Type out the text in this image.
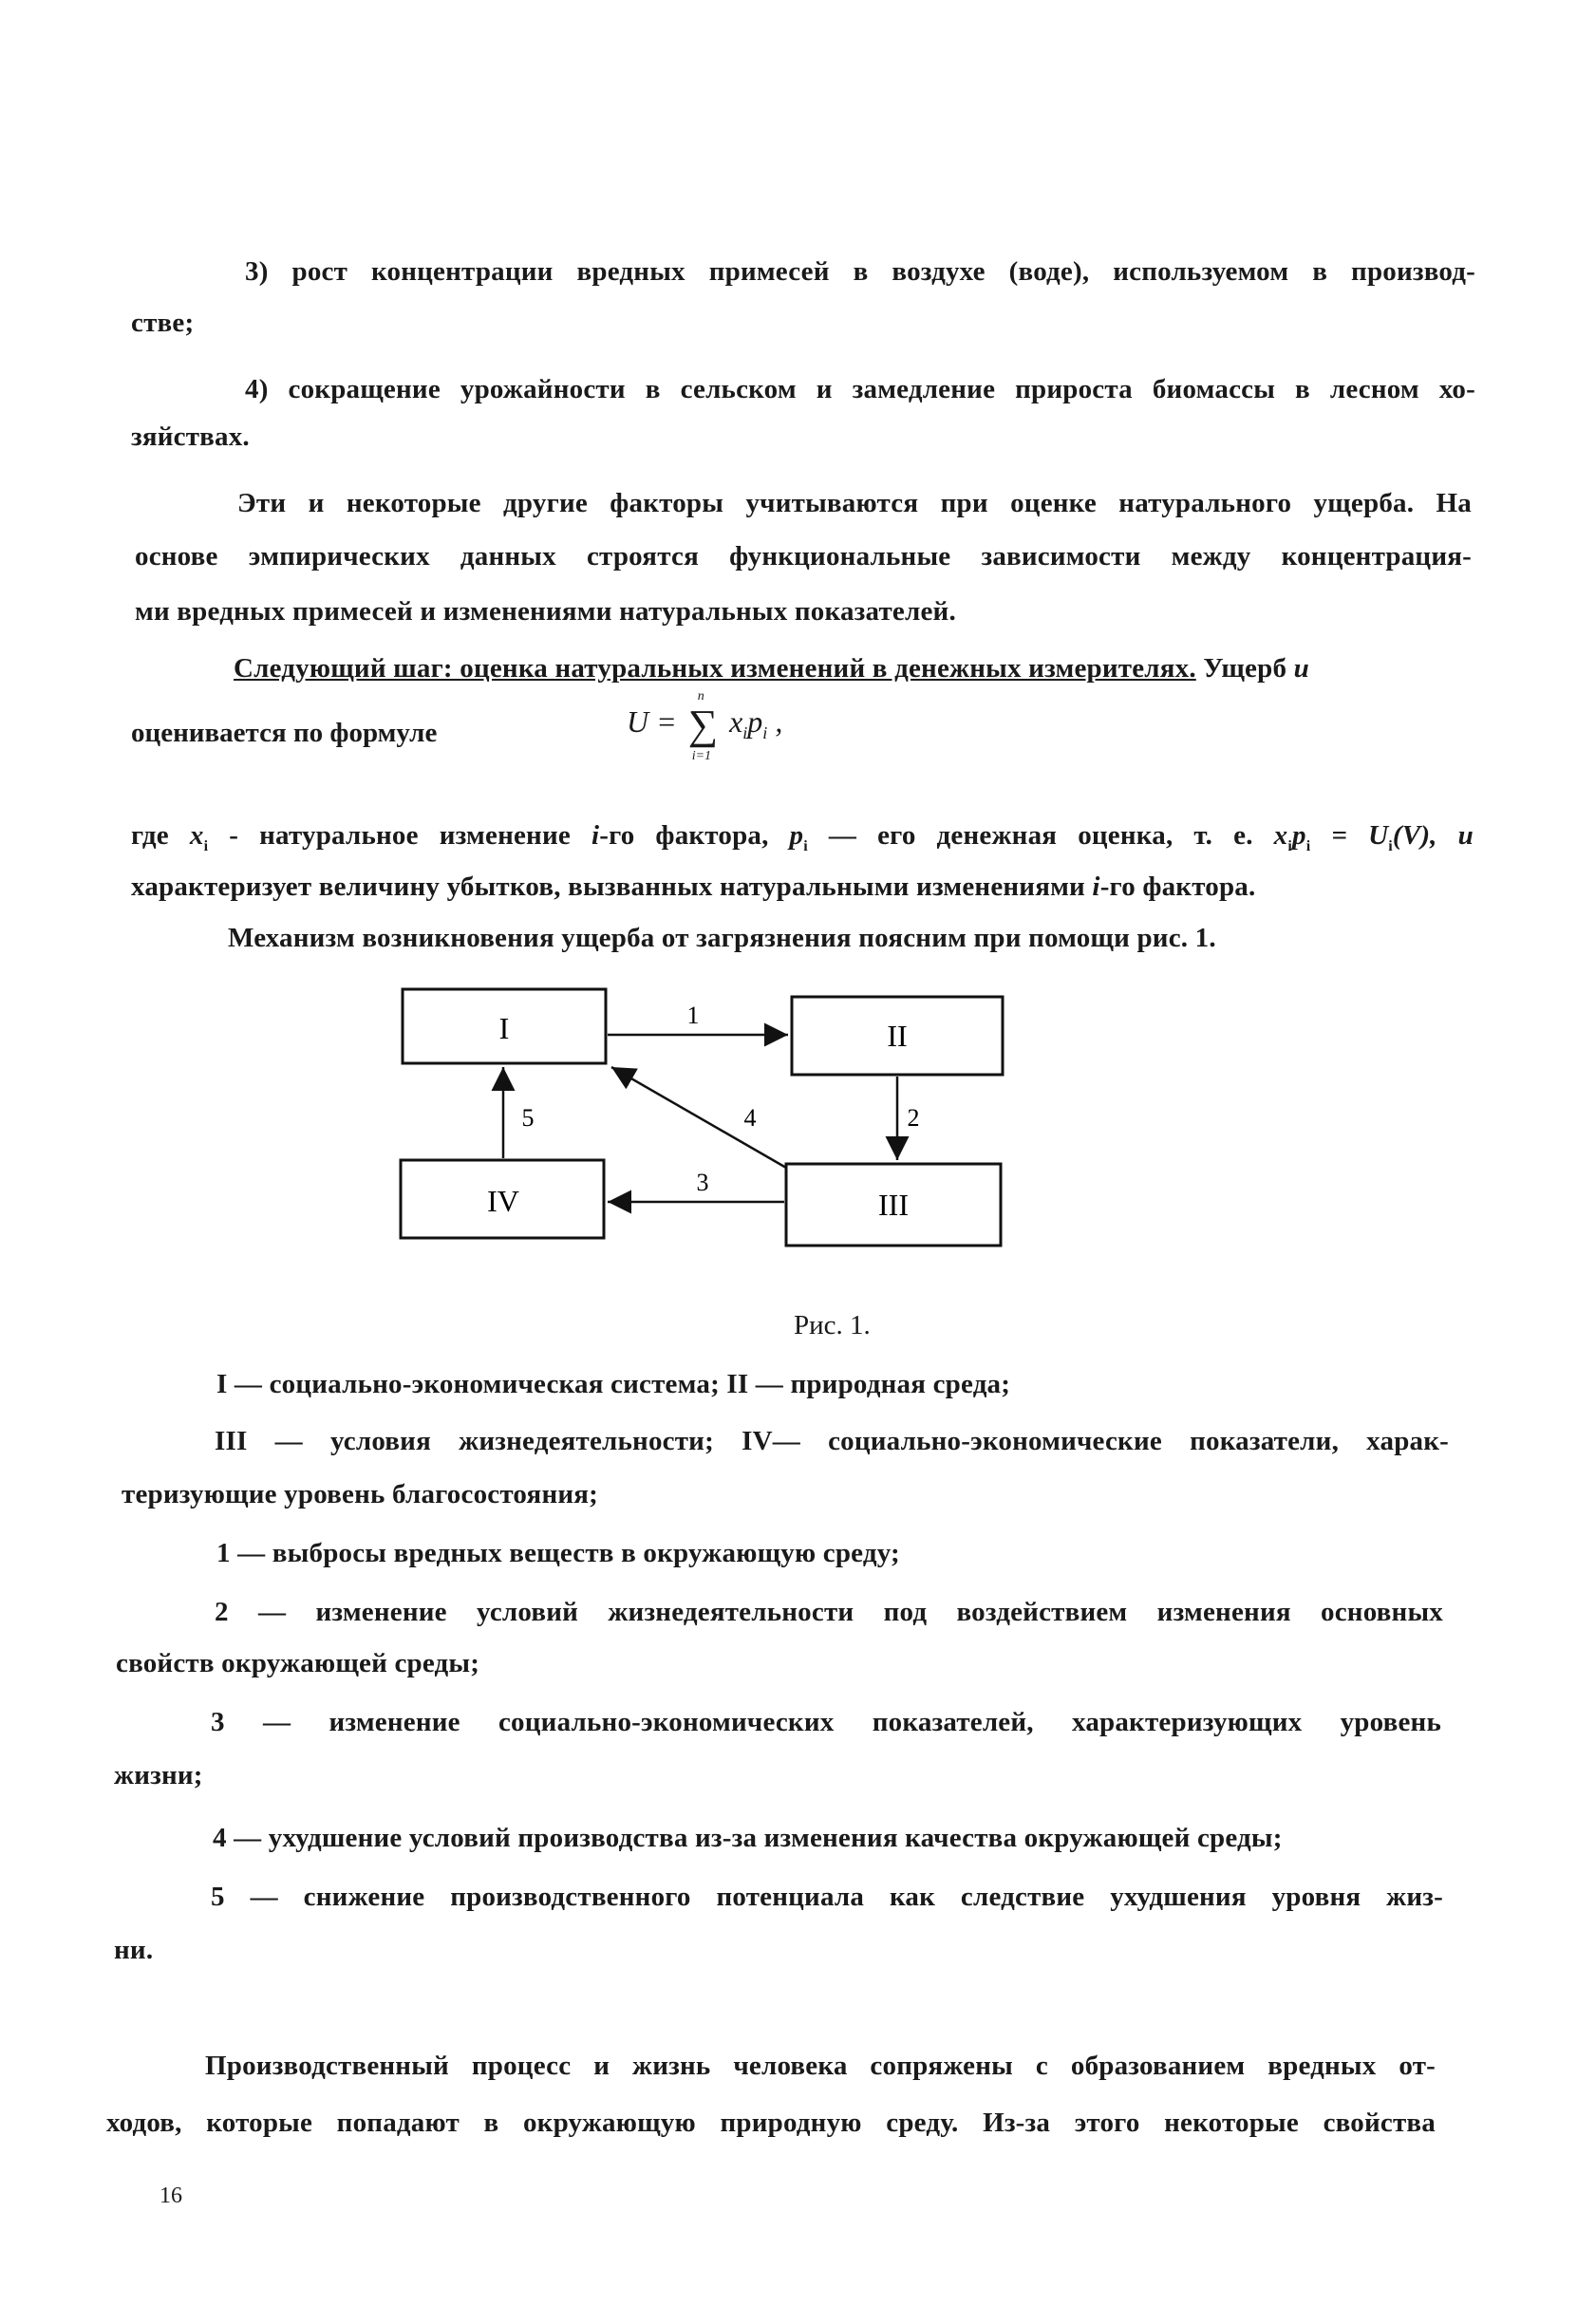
3) рост концентрации вредных примесей в воздухе (воде), используемом в производ-
стве;
4) сокращение урожайности в сельском и замедление прироста биомассы в лесном хо-
зяйствах.
Эти и некоторые другие факторы учитываются при оценке натурального ущерба. На
основе эмпирических данных строятся функциональные зависимости между концентрация-
ми вредных примесей и изменениями натуральных показателей.
Следующий шаг: оценка натуральных изменений в денежных измерителях. Ущерб u
оценивается по формуле	U = ∑
n
i=1
$x_ip_i$ ,
где $x_i$ - натуральное изменение i-го фактора, $p_i$ — его денежная оценка, т. е. $x_ip_i = U_i(V)$, и
характеризует величину убытков, вызванных натуральными изменениями i-го фактора.
Механизм возникновения ущерба от загрязнения поясним при помощи рис. 1.
I	II
IV	III
1
2
3
4
5
Рис. 1.
I — социально-экономическая система; II — природная среда;
III — условия жизнедеятельности; IV— социально-экономические показатели, харак-
теризующие уровень благосостояния;
1 — выбросы вредных веществ в окружающую среду;
2 — изменение условий жизнедеятельности под воздействием изменения основных
свойств окружающей среды;
3 — изменение социально-экономических показателей, характеризующих уровень
жизни;
4 — ухудшение условий производства из-за изменения качества окружающей среды;
5 — снижение производственного потенциала как следствие ухудшения уровня жиз-
ни.
Производственный процесс и жизнь человека сопряжены с образованием вредных от-
ходов, которые попадают в окружающую природную среду. Из-за этого некоторые свойства
16
